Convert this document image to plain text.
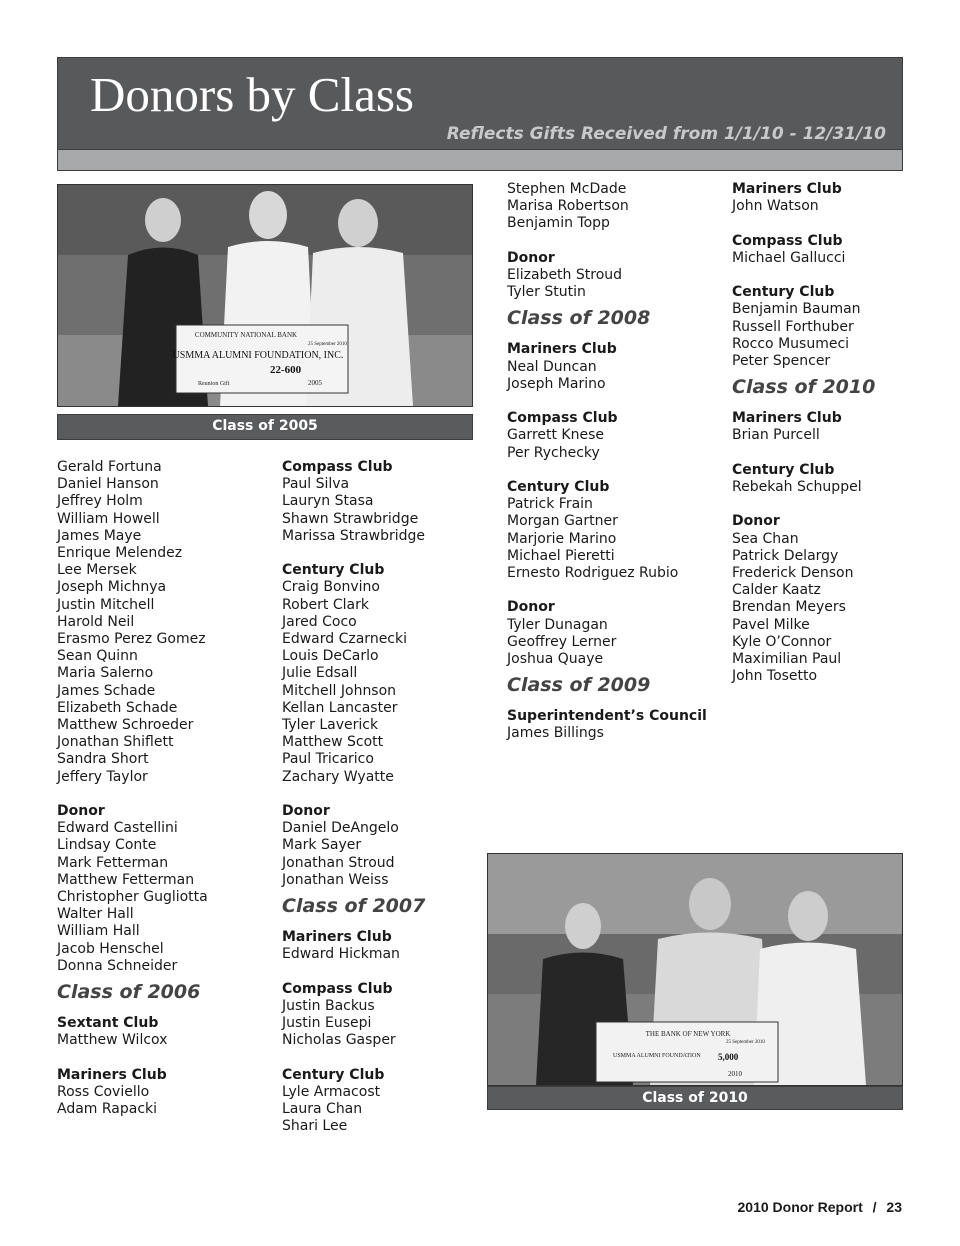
Donors by Class
Reflects Gifts Received from 1/1/10 - 12/31/10
COMMUNITY NATIONAL BANK
25 September 2010
USMMA ALUMNI FOUNDATION, INC.
22-600
Reunion Gift	2005
Class of 2005
THE BANK OF NEW YORK
25 September 2010
USMMA ALUMNI FOUNDATION 5,000
2010
Class of 2010
Gerald Fortuna
Daniel Hanson
Jeffrey Holm
William Howell
James Maye
Enrique Melendez
Lee Mersek
Joseph Michnya
Justin Mitchell
Harold Neil
Erasmo Perez Gomez
Sean Quinn
Maria Salerno
James Schade
Elizabeth Schade
Matthew Schroeder
Jonathan Shiflett
Sandra Short
Jeffery Taylor
Donor
Edward Castellini
Lindsay Conte
Mark Fetterman
Matthew Fetterman
Christopher Gugliotta
Walter Hall
William Hall
Jacob Henschel
Donna Schneider
Class of 2006
Sextant Club
Matthew Wilcox
Mariners Club
Ross Coviello
Adam Rapacki
Compass Club
Paul Silva
Lauryn Stasa
Shawn Strawbridge
Marissa Strawbridge
Century Club
Craig Bonvino
Robert Clark
Jared Coco
Edward Czarnecki
Louis DeCarlo
Julie Edsall
Mitchell Johnson
Kellan Lancaster
Tyler Laverick
Matthew Scott
Paul Tricarico
Zachary Wyatte
Donor
Daniel DeAngelo
Mark Sayer
Jonathan Stroud
Jonathan Weiss
Class of 2007
Mariners Club
Edward Hickman
Compass Club
Justin Backus
Justin Eusepi
Nicholas Gasper
Century Club
Lyle Armacost
Laura Chan
Shari Lee
Stephen McDade
Marisa Robertson
Benjamin Topp
Donor
Elizabeth Stroud
Tyler Stutin
Class of 2008
Mariners Club
Neal Duncan
Joseph Marino
Compass Club
Garrett Knese
Per Rychecky
Century Club
Patrick Frain
Morgan Gartner
Marjorie Marino
Michael Pieretti
Ernesto Rodriguez Rubio
Donor
Tyler Dunagan
Geoffrey Lerner
Joshua Quaye
Class of 2009
Superintendent’s Council
James Billings
Mariners Club
John Watson
Compass Club
Michael Gallucci
Century Club
Benjamin Bauman
Russell Forthuber
Rocco Musumeci
Peter Spencer
Class of 2010
Mariners Club
Brian Purcell
Century Club
Rebekah Schuppel
Donor
Sea Chan
Patrick Delargy
Frederick Denson
Calder Kaatz
Brendan Meyers
Pavel Milke
Kyle O’Connor
Maximilian Paul
John Tosetto
2010 Donor Report / 23
